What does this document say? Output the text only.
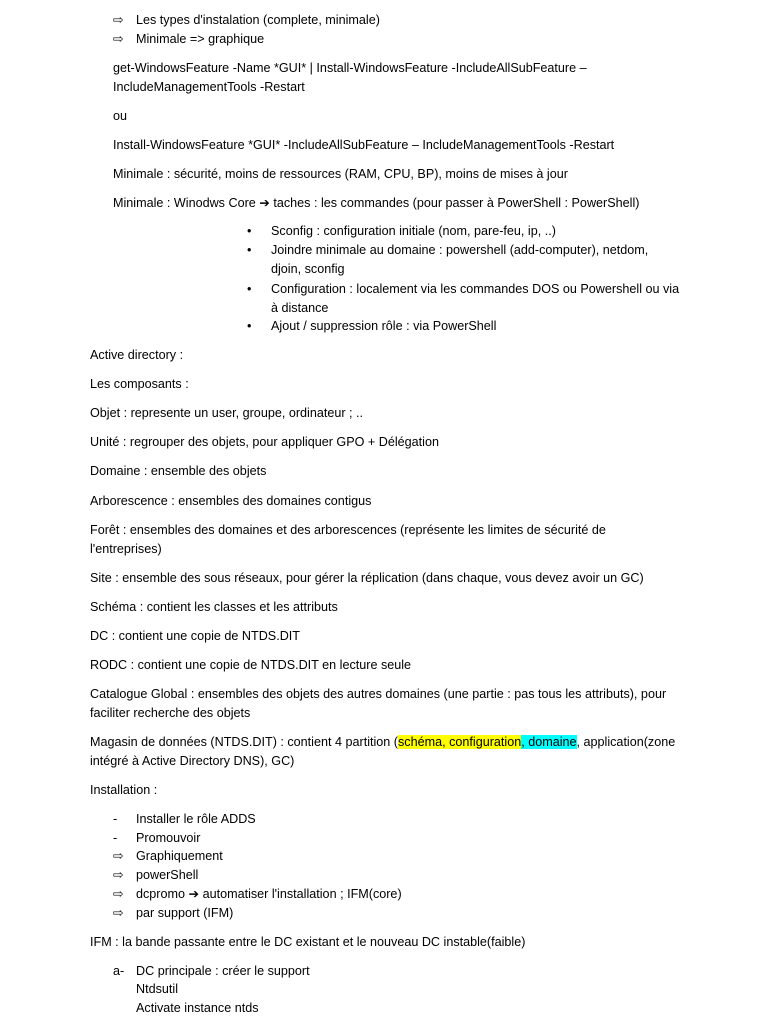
⇨ Les types d'instalation (complete, minimale)
⇨ Minimale => graphique
get-WindowsFeature -Name *GUI* | Install-WindowsFeature -IncludeAllSubFeature –
IncludeManagementTools -Restart
ou
Install-WindowsFeature *GUI* -IncludeAllSubFeature – IncludeManagementTools -Restart
Minimale : sécurité, moins de ressources (RAM, CPU, BP), moins de mises à jour
Minimale : Winodws Core ➔ taches : les commandes (pour passer à PowerShell : PowerShell)
• Sconfig : configuration initiale (nom, pare-feu, ip, ..)
• Joindre minimale au domaine : powershell (add-computer), netdom,
djoin, sconfig
• Configuration : localement via les commandes DOS ou Powershell ou via
à distance
• Ajout / suppression rôle : via PowerShell
Active directory :
Les composants :
Objet : represente un user, groupe, ordinateur ; ..
Unité : regrouper des objets, pour appliquer GPO + Délégation
Domaine : ensemble des objets
Arborescence : ensembles des domaines contigus
Forêt : ensembles des domaines et des arborescences (représente les limites de sécurité de
l'entreprises)
Site : ensemble des sous réseaux, pour gérer la réplication (dans chaque, vous devez avoir un GC)
Schéma : contient les classes et les attributs
DC : contient une copie de NTDS.DIT
RODC : contient une copie de NTDS.DIT en lecture seule
Catalogue Global : ensembles des objets des autres domaines (une partie : pas tous les attributs), pour
faciliter recherche des objets
Magasin de données (NTDS.DIT) : contient 4 partition (schéma, configuration, domaine, application(zone
intégré à Active Directory DNS), GC)
Installation :
- Installer le rôle ADDS
- Promouvoir
⇨ Graphiquement
⇨ powerShell
⇨ dcpromo ➔ automatiser l'installation ; IFM(core)
⇨ par support (IFM)
IFM : la bande passante entre le DC existant et le nouveau DC instable(faible)
a- DC principale : créer le support
Ntdsutil
Activate instance ntds
